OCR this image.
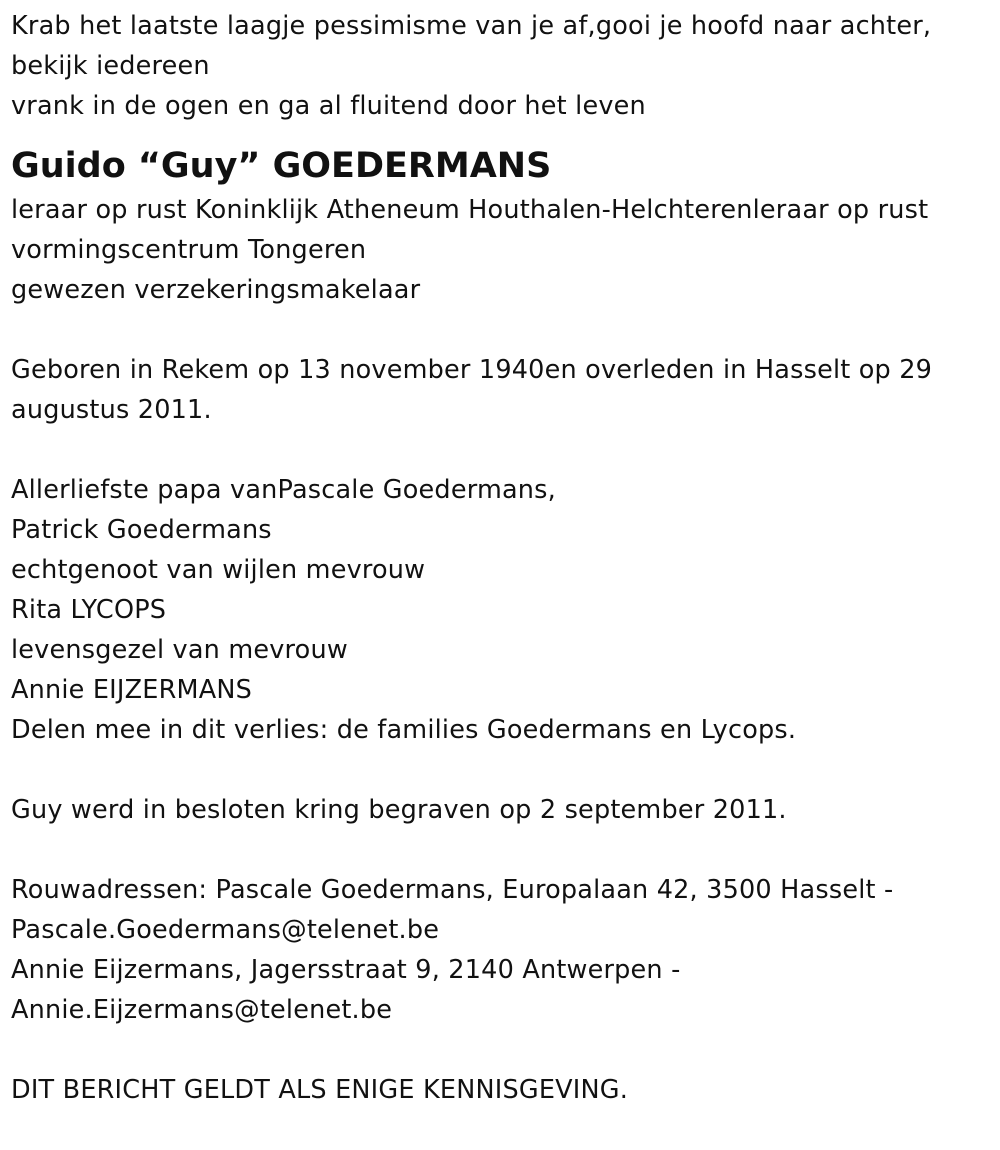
Krab het laatste laagje pessimisme van je af,gooi je hoofd naar achter,
bekijk iedereen
vrank in de ogen en ga al fluitend door het leven
Guido “Guy” GOEDERMANS
leraar op rust Koninklijk Atheneum Houthalen-Helchterenleraar op rust
vormingscentrum Tongeren
gewezen verzekeringsmakelaar
Geboren in Rekem op 13 november 1940en overleden in Hasselt op 29
augustus 2011.
Allerliefste papa vanPascale Goedermans,
Patrick Goedermans
echtgenoot van wijlen mevrouw
Rita LYCOPS
levensgezel van mevrouw
Annie EIJZERMANS
Delen mee in dit verlies: de families Goedermans en Lycops.
Guy werd in besloten kring begraven op 2 september 2011.
Rouwadressen: Pascale Goedermans, Europalaan 42, 3500 Hasselt -
Pascale.Goedermans@telenet.be
Annie Eijzermans, Jagersstraat 9, 2140 Antwerpen -
Annie.Eijzermans@telenet.be
DIT BERICHT GELDT ALS ENIGE KENNISGEVING.
